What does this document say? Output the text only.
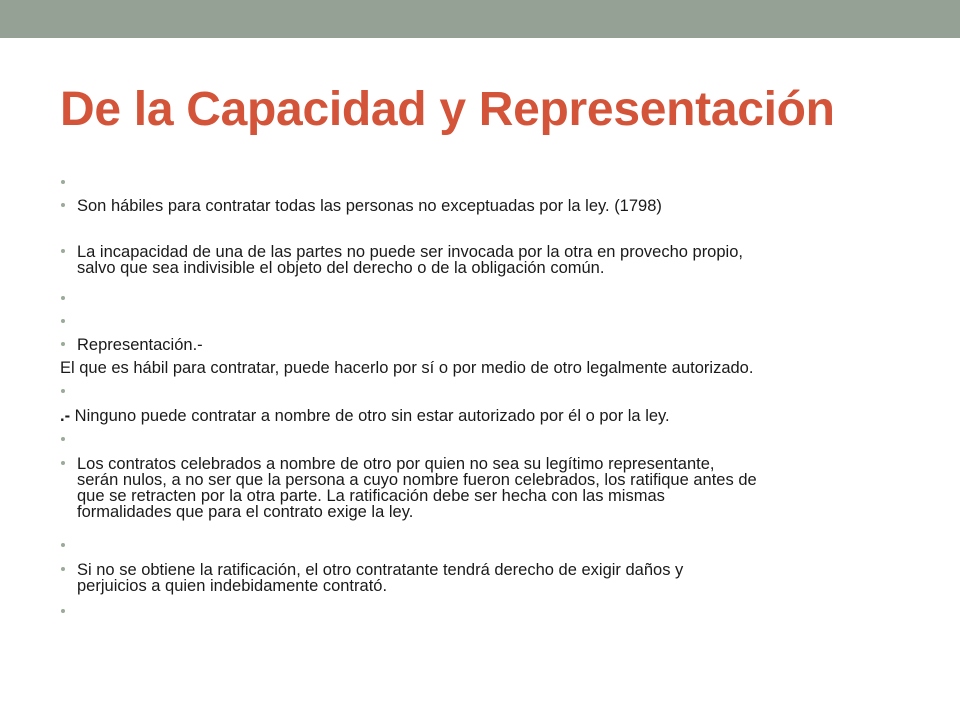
De la Capacidad y Representación
Son hábiles para contratar todas las personas no exceptuadas por la ley. (1798)
La incapacidad de una de las partes no puede ser invocada por la otra en provecho propio,
salvo que sea indivisible el objeto del derecho o de la obligación común.
Representación.-
El que es hábil para contratar, puede hacerlo por sí o por medio de otro legalmente autorizado.
.- Ninguno puede contratar a nombre de otro sin estar autorizado por él o por la ley.
Los contratos celebrados a nombre de otro por quien no sea su legítimo representante,
serán nulos, a no ser que la persona a cuyo nombre fueron celebrados, los ratifique antes de
que se retracten por la otra parte. La ratificación debe ser hecha con las mismas
formalidades que para el contrato exige la ley.
Si no se obtiene la ratificación, el otro contratante tendrá derecho de exigir daños y
perjuicios a quien indebidamente contrató.
